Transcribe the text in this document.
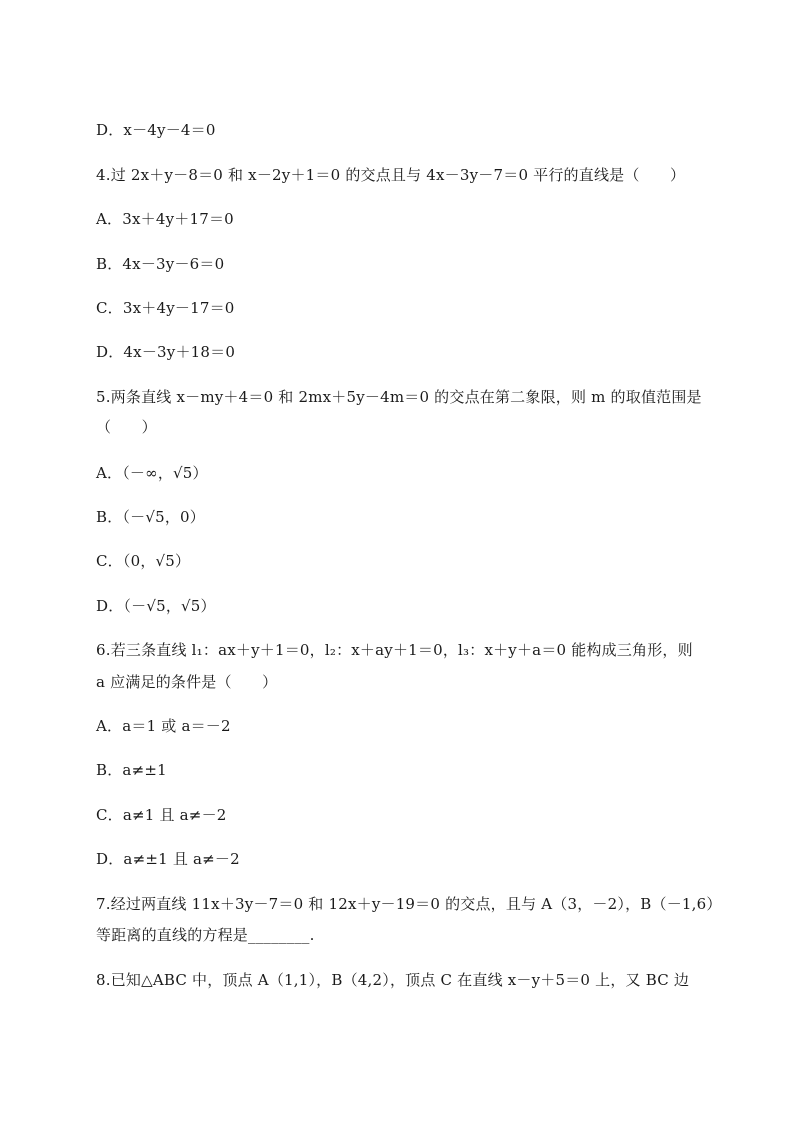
D．x－4y－4＝0
4.过 2x＋y－8＝0 和 x－2y＋1＝0 的交点且与 4x－3y－7＝0 平行的直线是（　　）
A．3x＋4y＋17＝0
B．4x－3y－6＝0
C．3x＋4y－17＝0
D．4x－3y＋18＝0
5.两条直线 x－my＋4＝0 和 2mx＋5y－4m＝0 的交点在第二象限，则 m 的取值范围是
（　　）
A．（－∞，√5）
B．（－√5，0）
C．（0，√5）
D．（－√5，√5）
6.若三条直线 l₁：ax＋y＋1＝0，l₂：x＋ay＋1＝0，l₃：x＋y＋a＝0 能构成三角形，则
a 应满足的条件是（　　）
A．a＝1 或 a＝－2
B．a≠±1
C．a≠1 且 a≠－2
D．a≠±1 且 a≠－2
7.经过两直线 11x＋3y－7＝0 和 12x＋y－19＝0 的交点，且与 A（3，－2），B（－1,6）
等距离的直线的方程是________.
8.已知△ABC 中，顶点 A（1,1），B（4,2），顶点 C 在直线 x－y＋5＝0 上，又 BC 边
